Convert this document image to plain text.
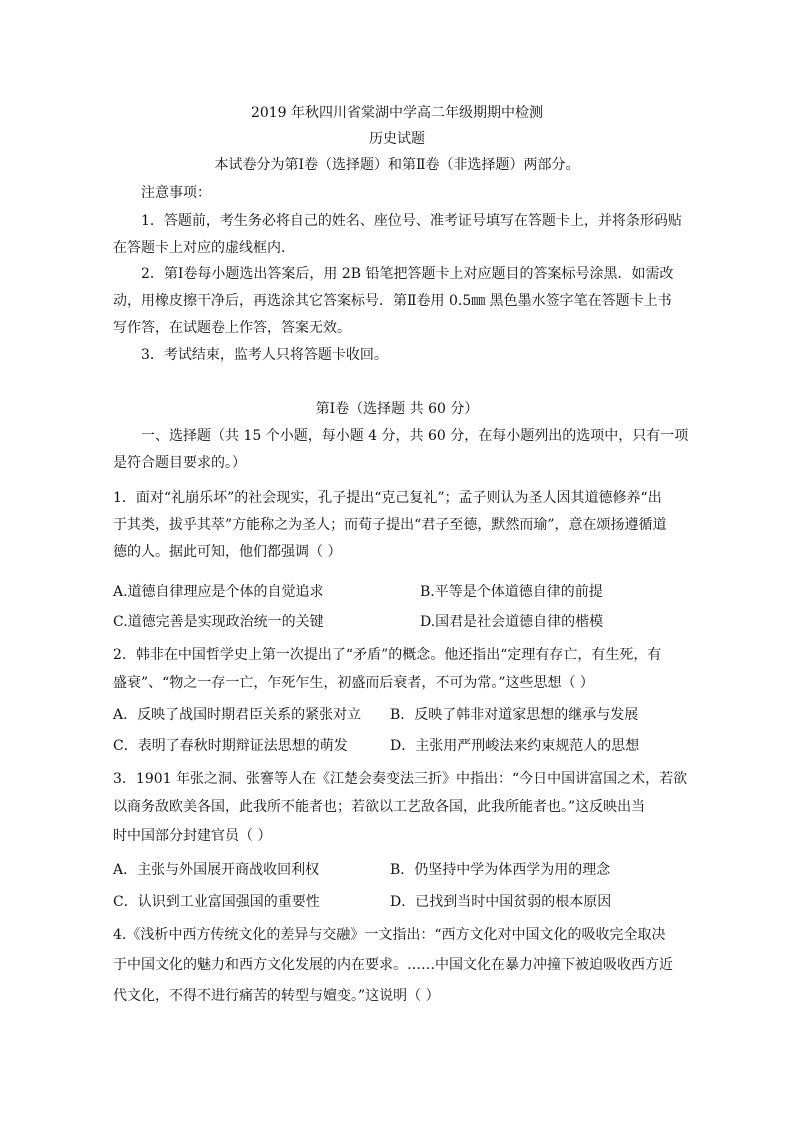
2019 年秋四川省棠湖中学高二年级期期中检测
历史试题
本试卷分为第Ⅰ卷（选择题）和第Ⅱ卷（非选择题）两部分。
注意事项：
1．答题前，考生务必将自己的姓名、座位号、准考证号填写在答题卡上，并将条形码贴
在答题卡上对应的虚线框内.
2．第Ⅰ卷每小题选出答案后，用 2B 铅笔把答题卡上对应题目的答案标号涂黑．如需改
动，用橡皮擦干净后，再选涂其它答案标号．第Ⅱ卷用 0.5㎜ 黑色墨水签字笔在答题卡上书
写作答，在试题卷上作答，答案无效。
3．考试结束，监考人只将答题卡收回。
第Ⅰ卷（选择题 共 60 分）
一、选择题（共 15 个小题，每小题 4 分，共 60 分，在每小题列出的选项中，只有一项
是符合题目要求的。）
1．面对“礼崩乐坏”的社会现实，孔子提出“克己复礼”；孟子则认为圣人因其道德修养“出
于其类，拔乎其萃”方能称之为圣人；而荀子提出“君子至德，默然而瑜”，意在颂扬遵循道
德的人。据此可知，他们都强调（ ）
A.道德自律理应是个体的自觉追求	B.平等是个体道德自律的前提
C.道德完善是实现政治统一的关键	D.国君是社会道德自律的楷模
2．韩非在中国哲学史上第一次提出了“矛盾”的概念。他还指出“定理有存亡，有生死，有
盛衰”、“物之一存一亡，乍死乍生，初盛而后衰者，不可为常。”这些思想（ ）
A．反映了战国时期君臣关系的紧张对立 B．反映了韩非对道家思想的继承与发展
C．表明了春秋时期辩证法思想的萌发	D．主张用严刑峻法来约束规范人的思想
3．1901 年张之洞、张謇等人在《江楚会奏变法三折》中指出：“今日中国讲富国之术，若欲
以商务敌欧美各国，此我所不能者也；若欲以工艺敌各国，此我所能者也。”这反映出当
时中国部分封建官员（ ）
A．主张与外国展开商战收回利权	B．仍坚持中学为体西学为用的理念
C．认识到工业富国强国的重要性	D．已找到当时中国贫弱的根本原因
4.《浅析中西方传统文化的差异与交融》一文指出：“西方文化对中国文化的吸收完全取决
于中国文化的魅力和西方文化发展的内在要求。……中国文化在暴力冲撞下被迫吸收西方近
代文化，不得不进行痛苦的转型与嬗变。”这说明（ ）
